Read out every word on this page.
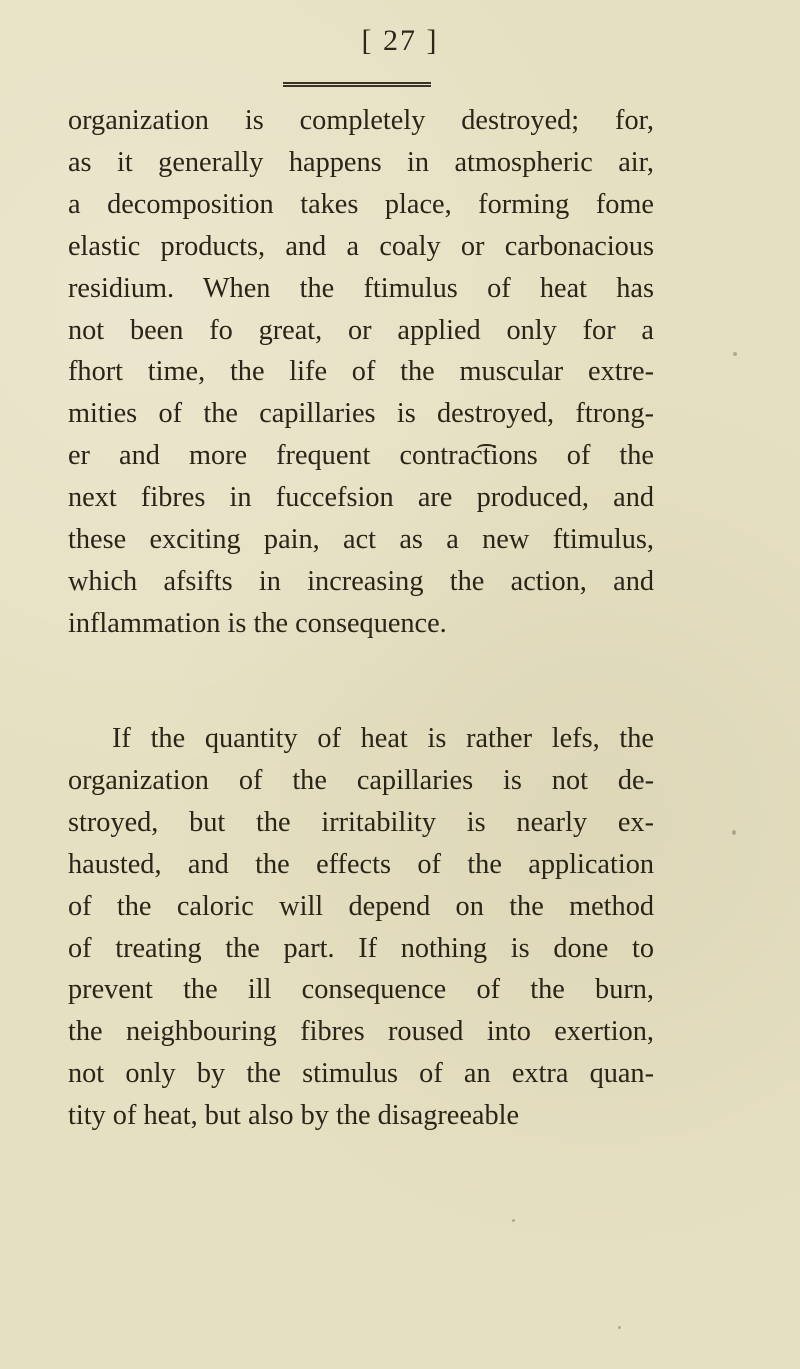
[ 27 ]
organization is completely destroyed; for,
as it generally happens in atmospheric air,
a decomposition takes place, forming fome
elastic products, and a coaly or carbonacious
residium. When the ftimulus of heat has
not been fo great, or applied only for a
fhort time, the life of the muscular extre-
mities of the capillaries is destroyed, ftrong-
er and more frequent contrac͡tions of the
next fibres in fuccefsion are produced, and
these exciting pain, act as a new ftimulus,
which afsifts in increasing the action, and
inflammation is the consequence.
If the quantity of heat is rather lefs, the
organization of the capillaries is not de-
stroyed, but the irritability is nearly ex-
hausted, and the effects of the application
of the caloric will depend on the method
of treating the part. If nothing is done to
prevent the ill consequence of the burn,
the neighbouring fibres roused into exertion,
not only by the stimulus of an extra quan-
tity of heat, but also by the disagreeable
